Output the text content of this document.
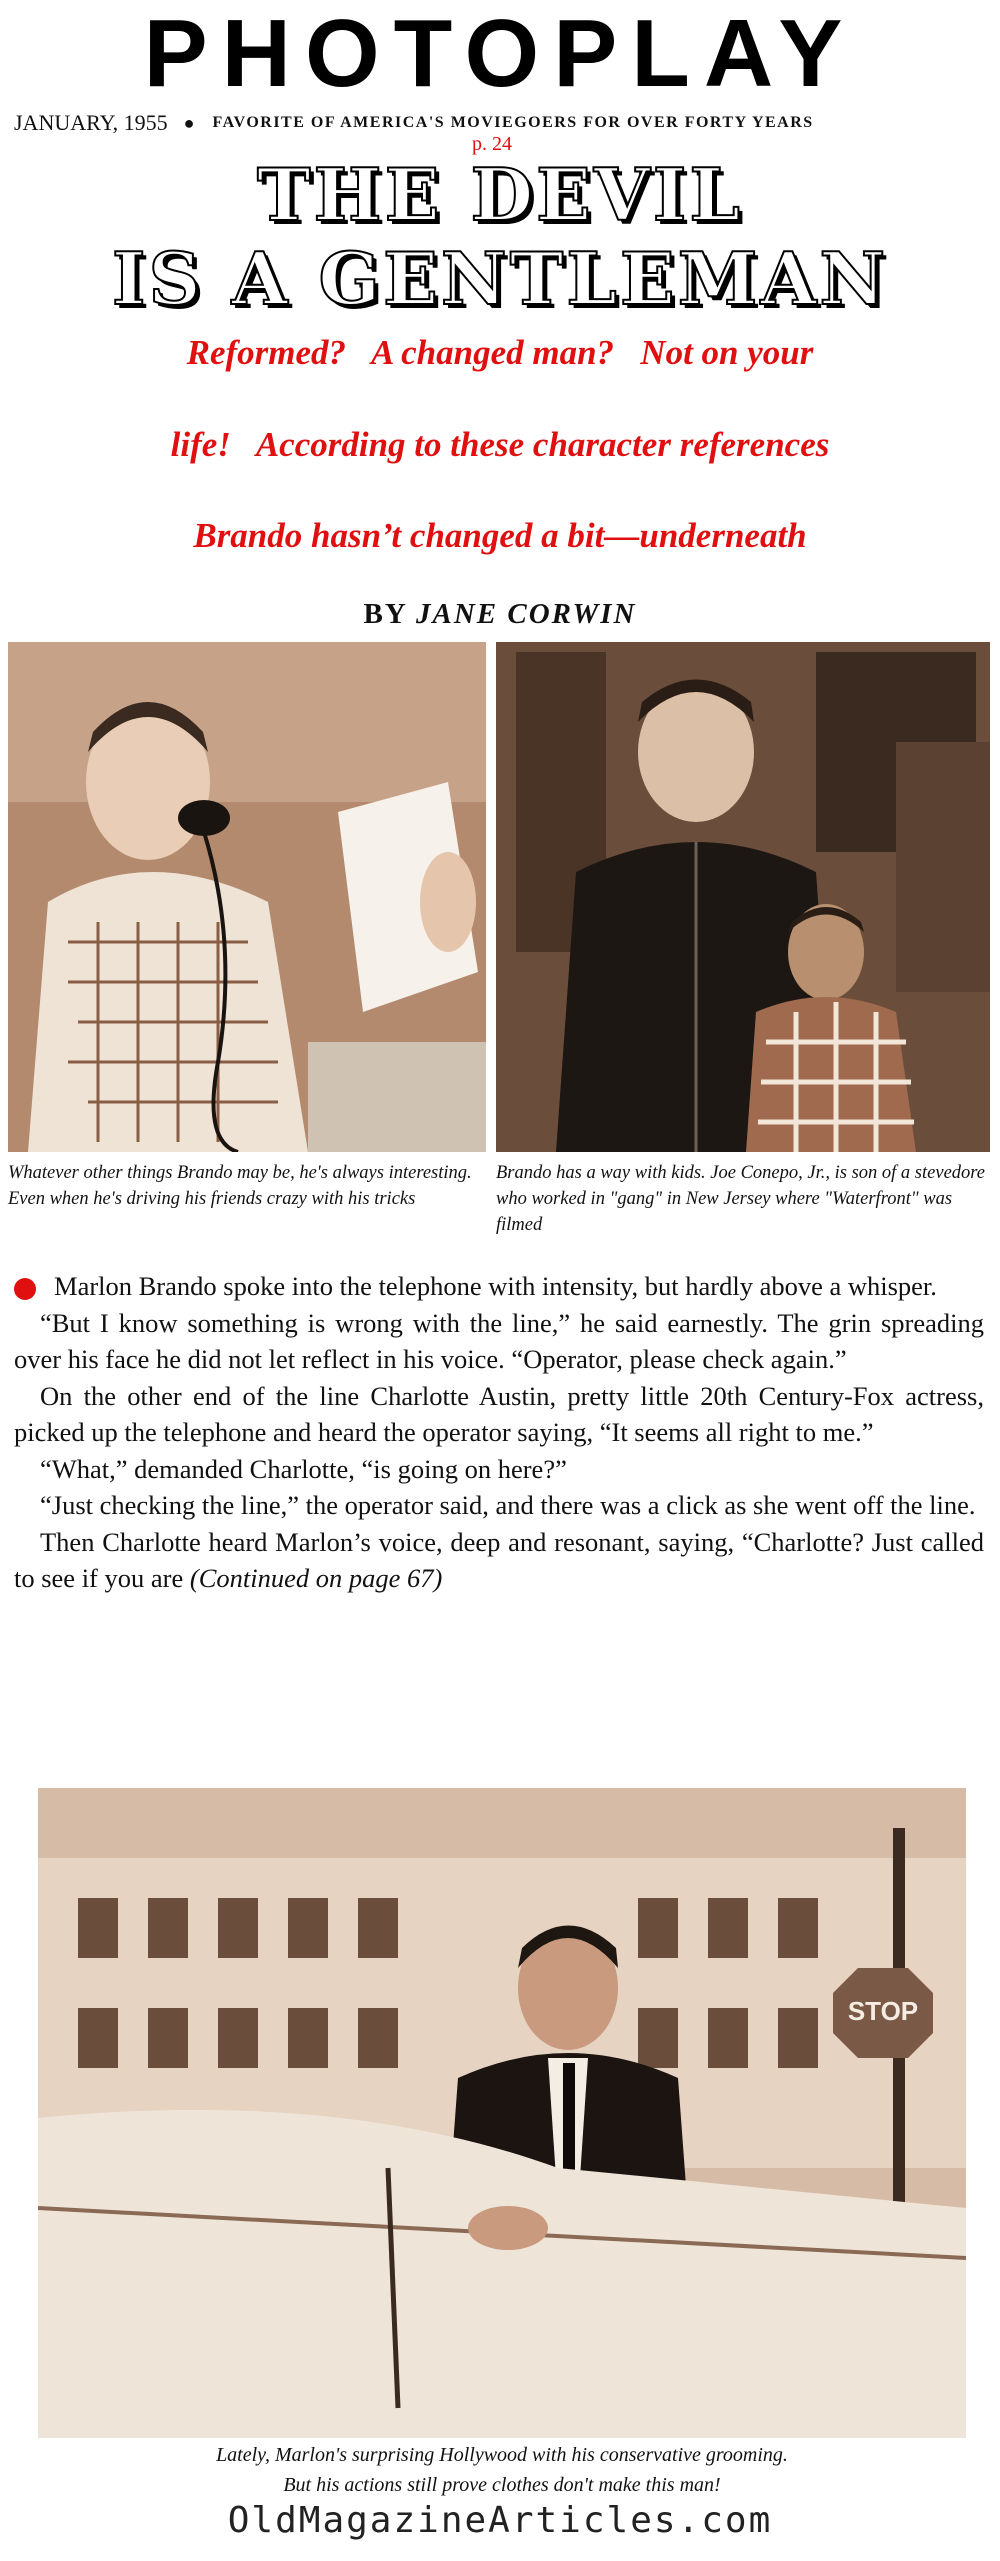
PHOTOPLAY
JANUARY, 1955 ● FAVORITE OF AMERICA'S MOVIEGOERS FOR OVER FORTY YEARS
p. 24
THE DEVIL
IS A GENTLEMAN
Reformed?   A changed man?   Not on your
life!   According to these character references
Brando hasn’t changed a bit—underneath
BY JANE CORWIN
Whatever other things Brando may be, he's always interesting. Even when he's driving his friends crazy with his tricks
Brando has a way with kids. Joe Conepo, Jr., is son of a stevedore who worked in "gang" in New Jersey where "Waterfront" was filmed

Marlon Brando spoke into the telephone with intensity, but hardly above a whisper.

“But I know something is wrong with the line,” he said earnestly. The grin spreading over his face he did not let reflect in his voice. “Operator, please check again.”

On the other end of the line Charlotte Austin, pretty little 20th Century-Fox actress, picked up the telephone and heard the operator saying, “It seems all right to me.”

“What,” demanded Charlotte, “is going on here?”

“Just checking the line,” the operator said, and there was a click as she went off the line.

Then Charlotte heard Marlon’s voice, deep and resonant, saying, “Charlotte? Just called to see if you are (Continued on page 67)

STOP
Lately, Marlon's surprising Hollywood with his conservative grooming.
But his actions still prove clothes don't make this man!
OldMagazineArticles.com
